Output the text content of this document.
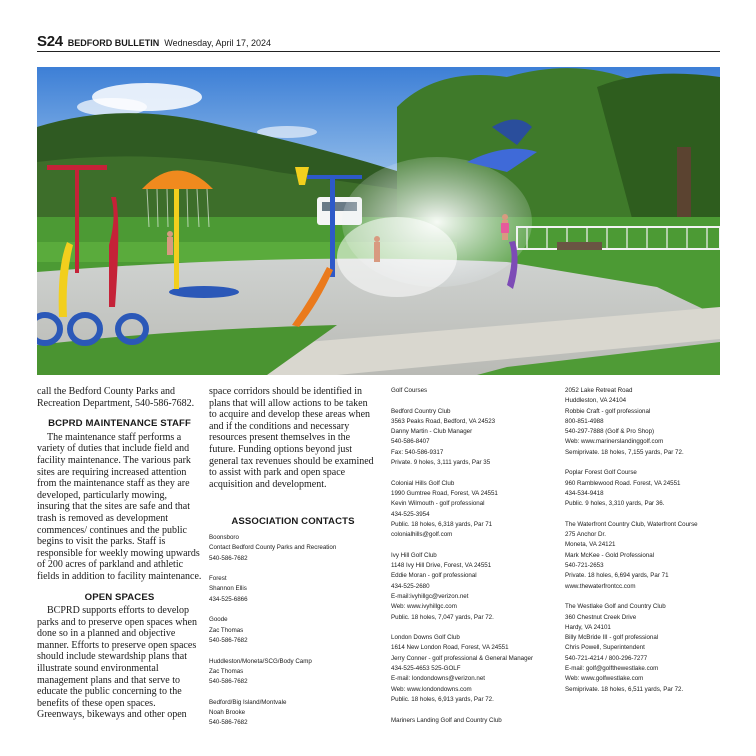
S24 BEDFORD BULLETIN Wednesday, April 17, 2024

call the Bedford County Parks and Recreation Department, 540-586-7682.

BCPRD MAINTENANCE STAFF

The maintenance staff performs a variety of duties that include field and facility maintenance. The various park sites are requiring increased attention from the maintenance staff as they are developed, particularly mowing, insuring that the sites are safe and that trash is removed as development commences/ continues and the public begins to visit the parks. Staff is responsible for weekly mowing upwards of 200 acres of parkland and athletic fields in addition to facility maintenance.

OPEN SPACES

BCPRD supports efforts to develop parks and to preserve open spaces when done so in a planned and objective manner. Efforts to preserve open spaces should include stewardship plans that illustrate sound environmental management plans and that serve to educate the public concerning to the benefits of these open spaces. Greenways, bikeways and other open

space corridors should be identified in plans that will allow actions to be taken to acquire and develop these areas when and if the conditions and necessary resources present themselves in the future. Funding options beyond just general tax revenues should be examined to assist with park and open space acquisition and development.

ASSOCIATION CONTACTS
Boonsboro
Contact Bedford County Parks and Recreation
540-586-7682
Forest
Shannon Ellis
434-525-6866
Goode
Zac Thomas
540-586-7682
Huddleston/Moneta/SCG/Body Camp
Zac Thomas
540-586-7682
Bedford/Big Island/Montvale
Noah Brooke
540-586-7682
Golf Courses
Bedford Country Club
3563 Peaks Road, Bedford, VA 24523
Danny Martin - Club Manager
540-586-8407
Fax: 540-586-9317
Private. 9 holes, 3,111 yards, Par 35
Colonial Hills Golf Club
1990 Gumtree Road, Forest, VA 24551
Kevin Wilmouth - golf professional
434-525-3954
Public. 18 holes, 6,318 yards, Par 71
colonialhills@golf.com
Ivy Hill Golf Club
1148 Ivy Hill Drive, Forest, VA 24551
Eddie Moran - golf professional
434-525-2680
E-mail:ivyhillgc@verizon.net
Web: www.ivyhillgc.com
Public. 18 holes, 7,047 yards, Par 72.
London Downs Golf Club
1614 New London Road, Forest, VA 24551
Jerry Conner - golf professional & General Manager
434-525-4653 525-GOLF
E-mail: londondowns@verizon.net
Web: www.londondowns.com
Public. 18 holes, 6,913 yards, Par 72.
Mariners Landing Golf and Country Club
2052 Lake Retreat Road
Huddleston, VA 24104
Robbie Craft - golf professional
800-851-4988
540-297-7888 (Golf & Pro Shop)
Web: www.marinerslandinggolf.com
Semiprivate. 18 holes, 7,155 yards, Par 72.
Poplar Forest Golf Course
960 Ramblewood Road. Forest, VA 24551
434-534-9418
Public. 9 holes, 3,310 yards, Par 36.
The Waterfront Country Club, Waterfront Course
275 Anchor Dr.
Moneta, VA 24121
Mark McKee - Gold Professional
540-721-2653
Private. 18 holes, 6,694 yards, Par 71
www.thewaterfrontcc.com
The Westlake Golf and Country Club
360 Chestnut Creek Drive
Hardy, VA 24101
Billy McBride III - golf professional
Chris Powell, Superintendent
540-721-4214 / 800-296-7277
E-mail: golf@golfthewestlake.com
Web: www.golfwestlake.com
Semiprivate. 18 holes, 6,511 yards, Par 72.
